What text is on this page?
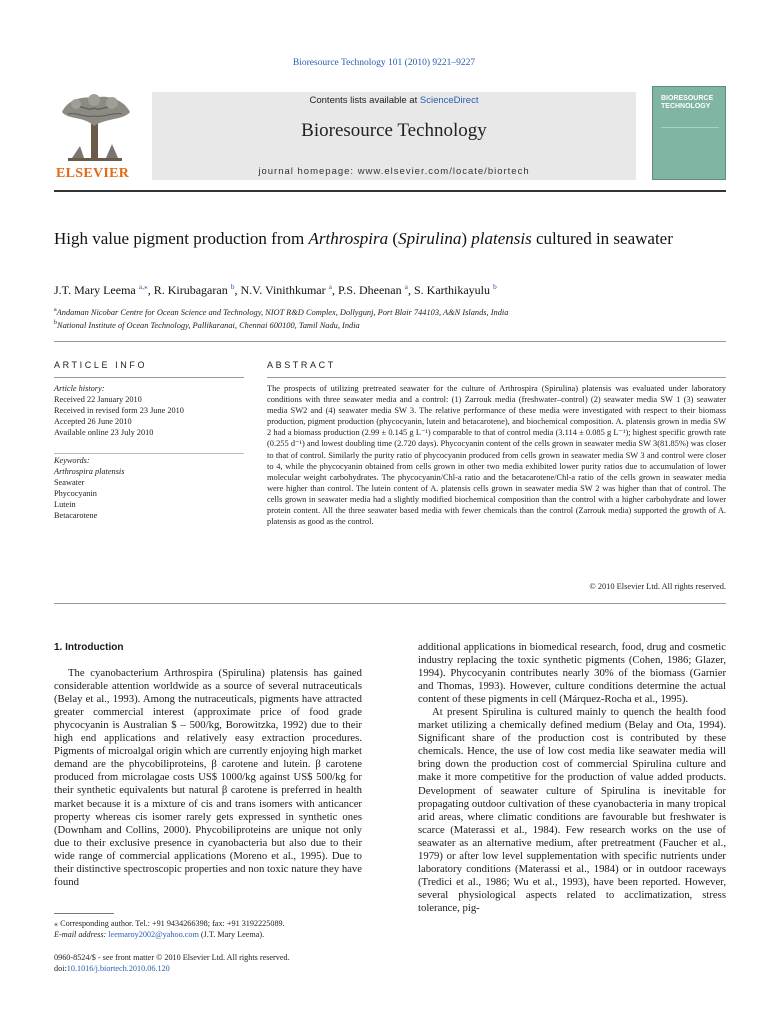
Bioresource Technology 101 (2010) 9221–9227
ELSEVIER
Contents lists available at ScienceDirect
Bioresource Technology
journal homepage: www.elsevier.com/locate/biortech
BIORESOURCE TECHNOLOGY
High value pigment production from Arthrospira (Spirulina) platensis cultured in seawater
J.T. Mary Leema $^{a,⁎}$, R. Kirubagaran $^b$, N.V. Vinithkumar $^a$, P.S. Dheenan $^a$, S. Karthikayulu $^b$
$^a$Andaman Nicobar Centre for Ocean Science and Technology, NIOT R&D Complex, Dollygunj, Port Blair 744103, A&N Islands, India
$^b$National Institute of Ocean Technology, Pallikaranai, Chennai 600100, Tamil Nadu, India
ARTICLE INFO	ABSTRACT
Article history:
Received 22 January 2010
Received in revised form 23 June 2010
Accepted 26 June 2010
Available online 23 July 2010
Keywords:
Arthrospira platensis
Seawater
Phycocyanin
Lutein
Betacarotene
The prospects of utilizing pretreated seawater for the culture of Arthrospira (Spirulina) platensis was evaluated under laboratory conditions with three seawater media and a control: (1) Zarrouk media (freshwater–control) (2) seawater media SW 1 (3) seawater media SW2 and (4) seawater media SW 3. The relative performance of these media were investigated with respect to their biomass production, pigment production (phycocyanin, lutein and betacarotene), and biochemical composition. A. platensis grown in media SW 2 had a biomass production (2.99 ± 0.145 g L⁻¹) comparable to that of control media (3.114 ± 0.085 g L⁻¹); highest specific growth rate (0.255 d⁻¹) and lowest doubling time (2.720 days). Phycocyanin content of the cells grown in seawater media SW 3(81.85%) was closer to that of control. Similarly the purity ratio of phycocyanin produced from cells grown in seawater media SW 3 and control were closer to 4, while the phycocyanin obtained from cells grown in other two media exhibited lower purity ratios due to accumulation of lower molecular weight carbohydrates. The phycocyanin/Chl-a ratio and the betacarotene/Chl-a ratio of the cells grown in seawater media were higher than control. The lutein content of A. platensis cells grown in seawater media SW 2 was higher than that of control. The cells grown in seawater media had a slightly modified biochemical composition than the control with a higher carbohydrate and lower protein content. All the three seawater based media with fewer chemicals than the control (Zarrouk media) supported the growth of A. platensis as good as the control.
© 2010 Elsevier Ltd. All rights reserved.
1. Introduction

The cyanobacterium Arthrospira (Spirulina) platensis has gained considerable attention worldwide as a source of several nutraceuticals (Belay et al., 1993). Among the nutraceuticals, pigments have attracted greater commercial interest (approximate price of food grade phycocyanin is Australian $ – 500/kg, Borowitzka, 1992) due to their high end applications and relatively easy extraction procedures. Pigments of microalgal origin which are currently enjoying high market demand are the phycobiliproteins, β carotene and lutein. β carotene produced from microlagae costs US$ 1000/kg against US$ 500/kg for their synthetic equivalents but natural β carotene is preferred in health market because it is a mixture of cis and trans isomers with anticancer property whereas cis isomer rarely gets expressed in synthetic ones (Downham and Collins, 2000). Phycobiliproteins are unique not only due to their exclusive presence in cyanobacteria but also due to their wide range of commercial applications (Moreno et al., 1995). Due to their distinctive spectroscopic properties and non toxic nature they have found

additional applications in biomedical research, food, drug and cosmetic industry replacing the toxic synthetic pigments (Cohen, 1986; Glazer, 1994). Phycocyanin contributes nearly 30% of the biomass (Garnier and Thomas, 1993). However, culture conditions determine the actual content of these pigments in cell (Márquez-Rocha et al., 1995).

At present Spirulina is cultured mainly to quench the health food market utilizing a chemically defined medium (Belay and Ota, 1994). Significant share of the production cost is contributed by these chemicals. Hence, the use of low cost media like seawater media will bring down the production cost of commercial Spirulina culture and make it more competitive for the production of value added products. Development of seawater culture of Spirulina is inevitable for propagating outdoor cultivation of these cyanobacteria in many tropical arid areas, where climatic conditions are favourable but freshwater is scarce (Materassi et al., 1984). Few research works on the use of seawater as an alternative medium, after pretreatment (Faucher et al., 1979) or after low level supplementation with specific nutrients under laboratory conditions (Materassi et al., 1984) or in outdoor raceways (Tredici et al., 1986; Wu et al., 1993), have been reported. However, several physiological aspects related to acclimatization, stress tolerance, pig-

⁎ Corresponding author. Tel.: +91 9434266398; fax: +91 3192225089.
E-mail address: leemaroy2002@yahoo.com (J.T. Mary Leema).
0960-8524/$ - see front matter © 2010 Elsevier Ltd. All rights reserved.
doi:10.1016/j.biortech.2010.06.120
